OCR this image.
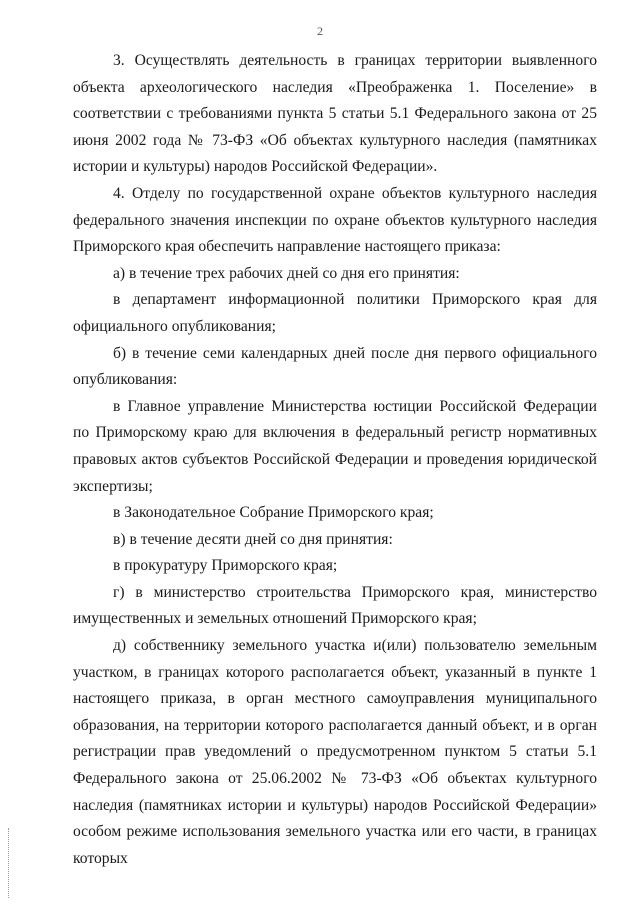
2

3. Осуществлять деятельность в границах территории выявленного объекта археологического наследия «Преображенка 1. Поселение» в соответствии с требованиями пункта 5 статьи 5.1 Федерального закона от 25 июня 2002 года № 73-ФЗ «Об объектах культурного наследия (памятниках истории и культуры) народов Российской Федерации».

4. Отделу по государственной охране объектов культурного наследия федерального значения инспекции по охране объектов культурного наследия Приморского края обеспечить направление настоящего приказа:

а) в течение трех рабочих дней со дня его принятия:

в департамент информационной политики Приморского края для официального опубликования;

б) в течение семи календарных дней после дня первого официального опубликования:

в Главное управление Министерства юстиции Российской Федерации по Приморскому краю для включения в федеральный регистр нормативных правовых актов субъектов Российской Федерации и проведения юридической экспертизы;

в Законодательное Собрание Приморского края;

в) в течение десяти дней со дня принятия:

в прокуратуру Приморского края;

г) в министерство строительства Приморского края, министерство имущественных и земельных отношений Приморского края;

д) собственнику земельного участка и(или) пользователю земельным участком, в границах которого располагается объект, указанный в пункте 1 настоящего приказа, в орган местного самоуправления муниципального образования, на территории которого располагается данный объект, и в орган регистрации прав уведомлений о предусмотренном пунктом 5 статьи 5.1 Федерального закона от 25.06.2002 № 73-ФЗ «Об объектах культурного наследия (памятниках истории и культуры) народов Российской Федерации» особом режиме использования земельного участка или его части, в границах которых
